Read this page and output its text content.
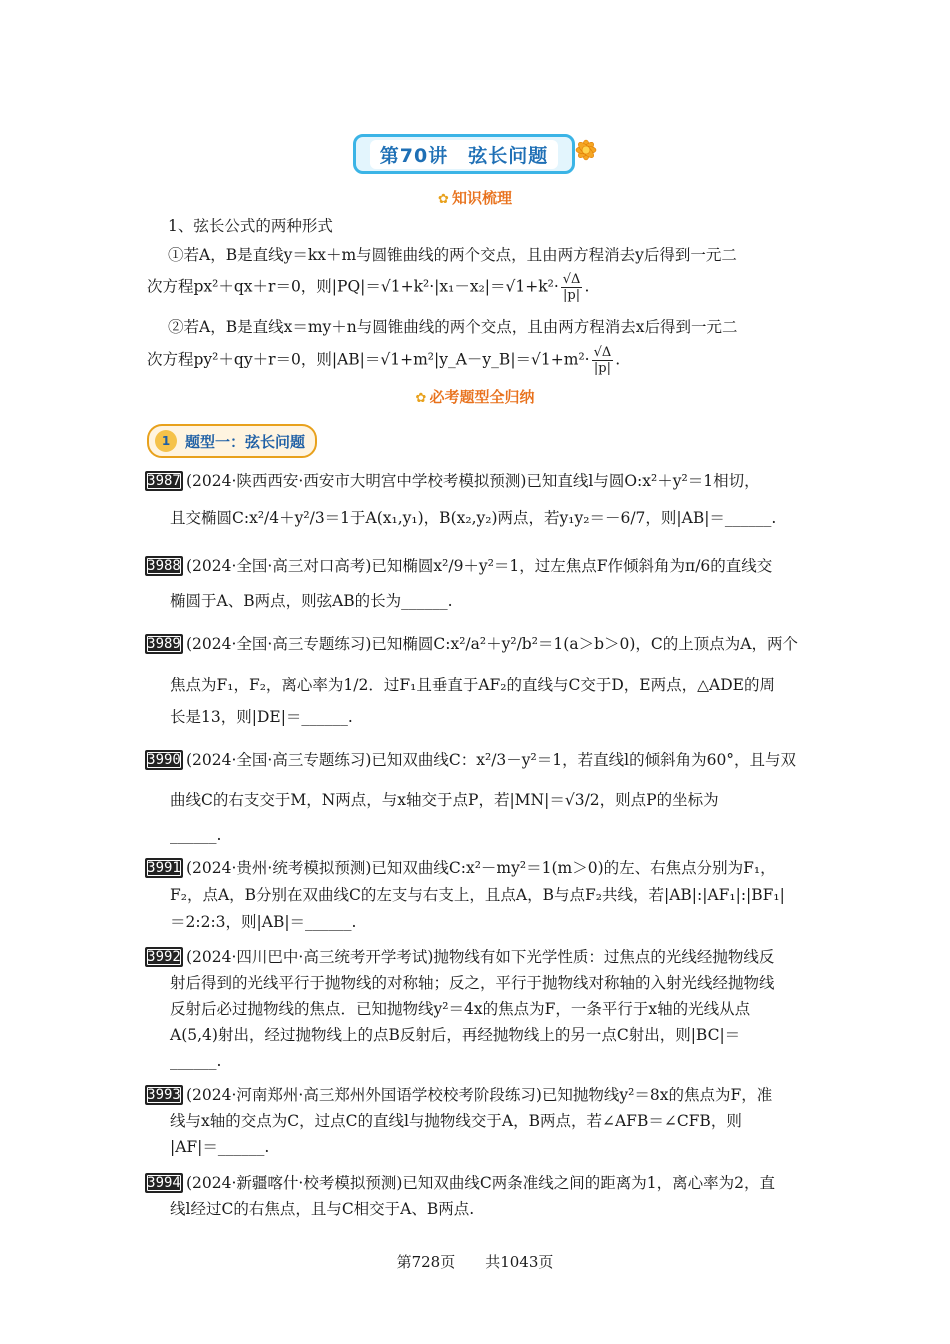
第70讲　弦长问题
✿ 知识梳理
1、弦长公式的两种形式
①若A，B是直线y＝kx＋m与圆锥曲线的两个交点，且由两方程消去y后得到一元二
次方程px²＋qx＋r＝0，则$|PQ|=√1+k^2\cdot|x_1-x_2|=√1+k^2\cdot \frac{√\Delta}{|p|}$ .
②若A，B是直线x＝my＋n与圆锥曲线的两个交点，且由两方程消去x后得到一元二
次方程py²＋qy＋r＝0，则|AB|＝√1+m²|y_A－y_B|＝√1+m²· $\frac{√\Delta}{|p|}$ .
✿ 必考题型全归纳
1 题型一：弦长问题
3987 (2024·陕西西安·西安市大明宫中学校考模拟预测)已知直线l与圆O:x²＋y²＝1相切，
且交椭圆C:x²/4＋y²/3＝1于A(x₁,y₁)，B(x₂,y₂)两点，若y₁y₂＝－6/7，则|AB|＝______.
3988 (2024·全国·高三对口高考)已知椭圆x²/9＋y²＝1，过左焦点F作倾斜角为π/6的直线交
椭圆于A、B两点，则弦AB的长为______.
3989 (2024·全国·高三专题练习)已知椭圆C:x²/a²＋y²/b²＝1(a＞b＞0)，C的上顶点为A，两个
焦点为F₁，F₂，离心率为1/2．过F₁且垂直于AF₂的直线与C交于D，E两点，△ADE的周
长是13，则|DE|＝______.
3990 (2024·全国·高三专题练习)已知双曲线C：x²/3－y²＝1，若直线l的倾斜角为60°，且与双
曲线C的右支交于M，N两点，与x轴交于点P，若|MN|＝√3/2，则点P的坐标为
______.
3991 (2024·贵州·统考模拟预测)已知双曲线C:x²－my²＝1(m＞0)的左、右焦点分别为F₁，
F₂，点A，B分别在双曲线C的左支与右支上，且点A，B与点F₂共线，若|AB|:|AF₁|:|BF₁|
＝2:2:3，则|AB|＝______.
3992 (2024·四川巴中·高三统考开学考试)抛物线有如下光学性质：过焦点的光线经抛物线反
射后得到的光线平行于抛物线的对称轴；反之，平行于抛物线对称轴的入射光线经抛物线
反射后必过抛物线的焦点．已知抛物线y²＝4x的焦点为F，一条平行于x轴的光线从点
A(5,4)射出，经过抛物线上的点B反射后，再经抛物线上的另一点C射出，则|BC|＝
______.
3993 (2024·河南郑州·高三郑州外国语学校校考阶段练习)已知抛物线y²＝8x的焦点为F，准
线与x轴的交点为C，过点C的直线l与抛物线交于A，B两点，若∠AFB＝∠CFB，则
|AF|＝______.
3994 (2024·新疆喀什·校考模拟预测)已知双曲线C两条准线之间的距离为1，离心率为2，直
线l经过C的右焦点，且与C相交于A、B两点.
第728页　　共1043页
